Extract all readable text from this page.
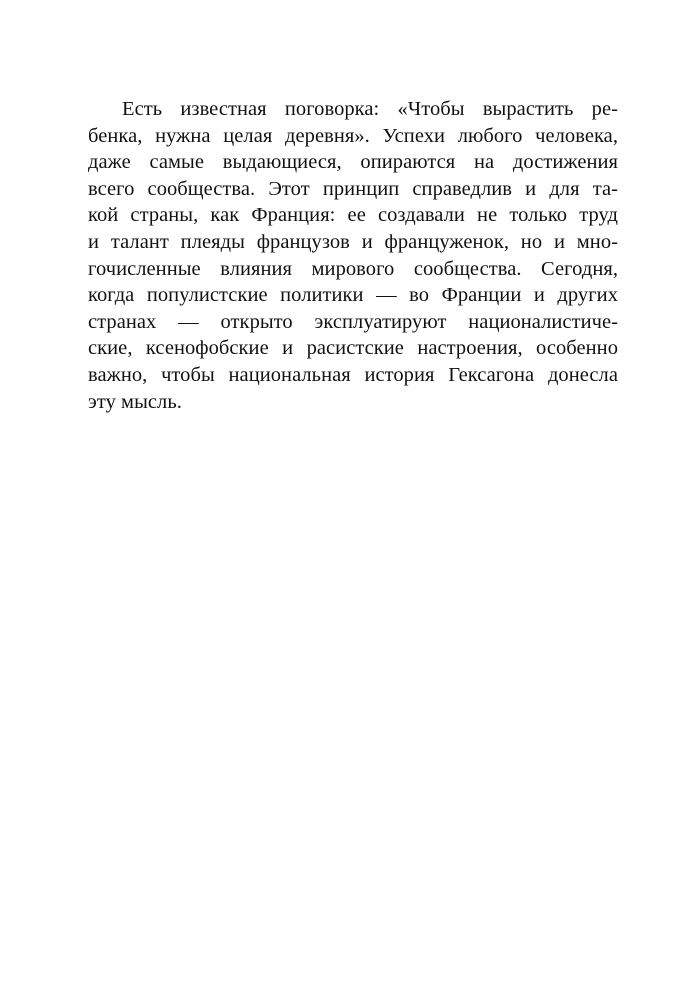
Есть известная поговорка: «Чтобы вырастить ре-
бенка, нужна целая деревня». Успехи любого человека,
даже самые выдающиеся, опираются на достижения
всего сообщества. Этот принцип справедлив и для та-
кой страны, как Франция: ее создавали не только труд
и талант плеяды французов и француженок, но и мно-
гочисленные влияния мирового сообщества. Сегодня,
когда популистские политики — во Франции и других
странах — открыто эксплуатируют националистиче-
ские, ксенофобские и расистские настроения, особенно
важно, чтобы национальная история Гексагона донесла
эту мысль.
